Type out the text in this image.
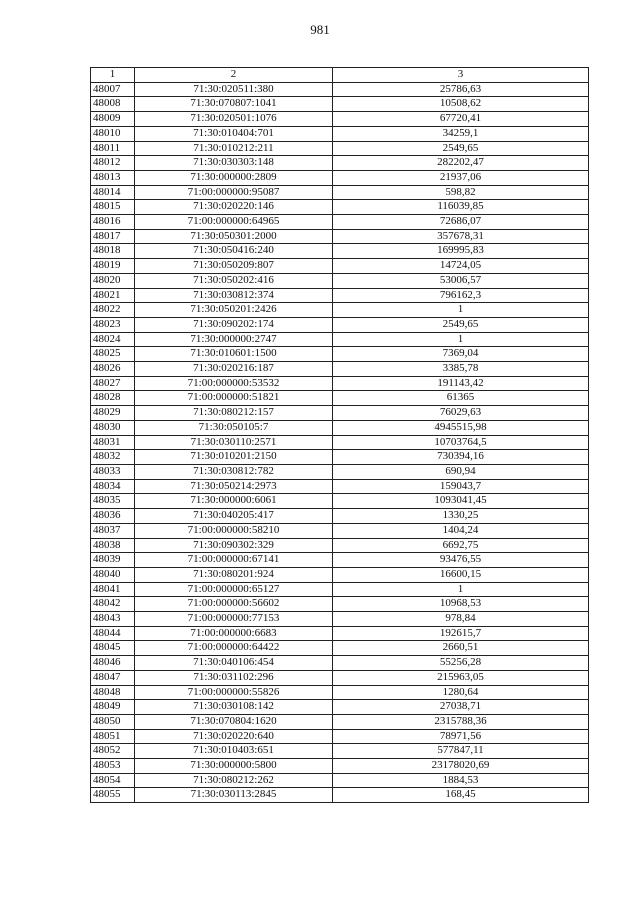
981
1	2	3
48007	71:30:020511:380	25786,63
48008	71:30:070807:1041	10508,62
48009	71:30:020501:1076	67720,41
48010	71:30:010404:701	34259,1
48011	71:30:010212:211	2549,65
48012	71:30:030303:148	282202,47
48013	71:30:000000:2809	21937,06
48014	71:00:000000:95087	598,82
48015	71:30:020220:146	116039,85
48016	71:00:000000:64965	72686,07
48017	71:30:050301:2000	357678,31
48018	71:30:050416:240	169995,83
48019	71:30:050209:807	14724,05
48020	71:30:050202:416	53006,57
48021	71:30:030812:374	796162,3
48022	71:30:050201:2426	1
48023	71:30:090202:174	2549,65
48024	71:30:000000:2747	1
48025	71:30:010601:1500	7369,04
48026	71:30:020216:187	3385,78
48027	71:00:000000:53532	191143,42
48028	71:00:000000:51821	61365
48029	71:30:080212:157	76029,63
48030	71:30:050105:7	4945515,98
48031	71:30:030110:2571	10703764,5
48032	71:30:010201:2150	730394,16
48033	71:30:030812:782	690,94
48034	71:30:050214:2973	159043,7
48035	71:30:000000:6061	1093041,45
48036	71:30:040205:417	1330,25
48037	71:00:000000:58210	1404,24
48038	71:30:090302:329	6692,75
48039	71:00:000000:67141	93476,55
48040	71:30:080201:924	16600,15
48041	71:00:000000:65127	1
48042	71:00:000000:56602	10968,53
48043	71:00:000000:77153	978,84
48044	71:00:000000:6683	192615,7
48045	71:00:000000:64422	2660,51
48046	71:30:040106:454	55256,28
48047	71:30:031102:296	215963,05
48048	71:00:000000:55826	1280,64
48049	71:30:030108:142	27038,71
48050	71:30:070804:1620	2315788,36
48051	71:30:020220:640	78971,56
48052	71:30:010403:651	577847,11
48053	71:30:000000:5800	23178020,69
48054	71:30:080212:262	1884,53
48055	71:30:030113:2845	168,45
